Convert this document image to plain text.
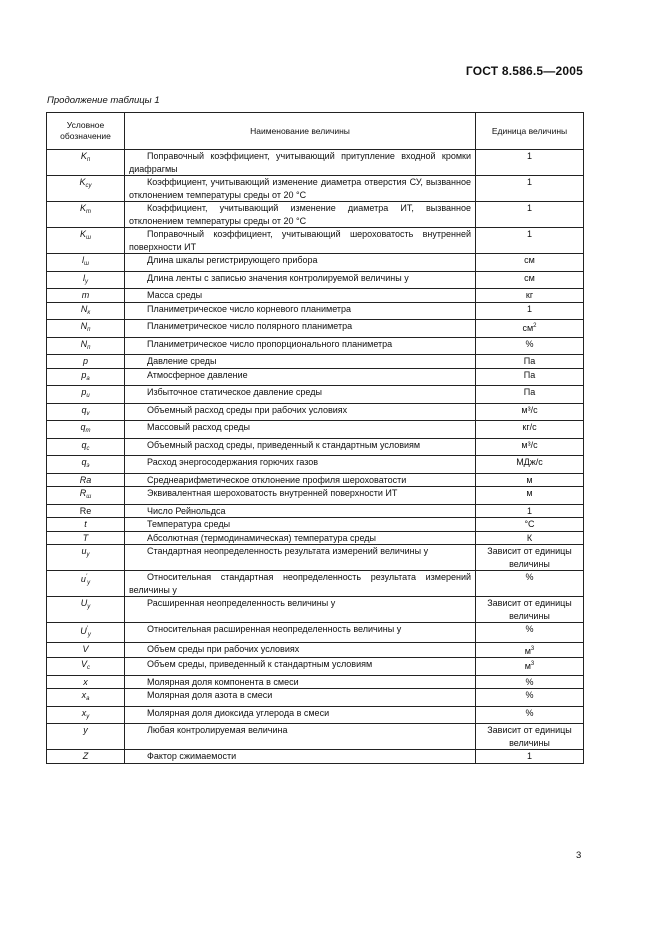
ГОСТ 8.586.5—2005
Продолжение таблицы 1
Условное обозначение	Наименование величины	Единица величины
$K_п$	Поправочный коэффициент, учитывающий притупление входной кромки диафрагмы	1
$K_{су}$	Коэффициент, учитывающий изменение диаметра отверстия СУ, вызванное отклонением температуры среды от 20 °С	1
$K_т$	Коэффициент, учитывающий изменение диаметра ИТ, вызванное отклонением температуры среды от 20 °С	1
$K_ш$	Поправочный коэффициент, учитывающий шероховатость внутренней поверхности ИТ	1
$l_ш$	Длина шкалы регистрирующего прибора	см
$l_y$	Длина ленты с записью значения контролируемой величины y	см
m	Масса среды	кг
$N_к$	Планиметрическое число корневого планиметра	1
$N_п$	Планиметрическое число полярного планиметра	$см^2$
$N_п$	Планиметрическое число пропорционального планиметра	%
p	Давление среды	Па
$p_а$	Атмосферное давление	Па
$p_и$	Избыточное статическое давление среды	Па
$q_v$	Объемный расход среды при рабочих условиях	м³/с
$q_m$	Массовый расход среды	кг/с
$q_c$	Объемный расход среды, приведенный к стандартным условиям	м³/с
$q_э$	Расход энергосодержания горючих газов	МДж/с
Ra	Среднеарифметическое отклонение профиля шероховатости	м
$R_ш$	Эквивалентная шероховатость внутренней поверхности ИТ	м
Re	Число Рейнольдса	1
t	Температура среды	°С
T	Абсолютная (термодинамическая) температура среды	К
$u_y$	Стандартная неопределенность результата измерений величины y	Зависит от единицы величины
$u'_y$	Относительная стандартная неопределенность результата измерений величины y	%
$U_y$	Расширенная неопределенность величины y	Зависит от единицы величины
$U'_y$	Относительная расширенная неопределенность величины y	%
V	Объем среды при рабочих условиях	$м^3$
$V_c$	Объем среды, приведенный к стандартным условиям	$м^3$
x	Молярная доля компонента в смеси	%
$x_a$	Молярная доля азота в смеси	%
$x_y$	Молярная доля диоксида углерода в смеси	%
y	Любая контролируемая величина	Зависит от единицы величины
Z	Фактор сжимаемости	1
3
